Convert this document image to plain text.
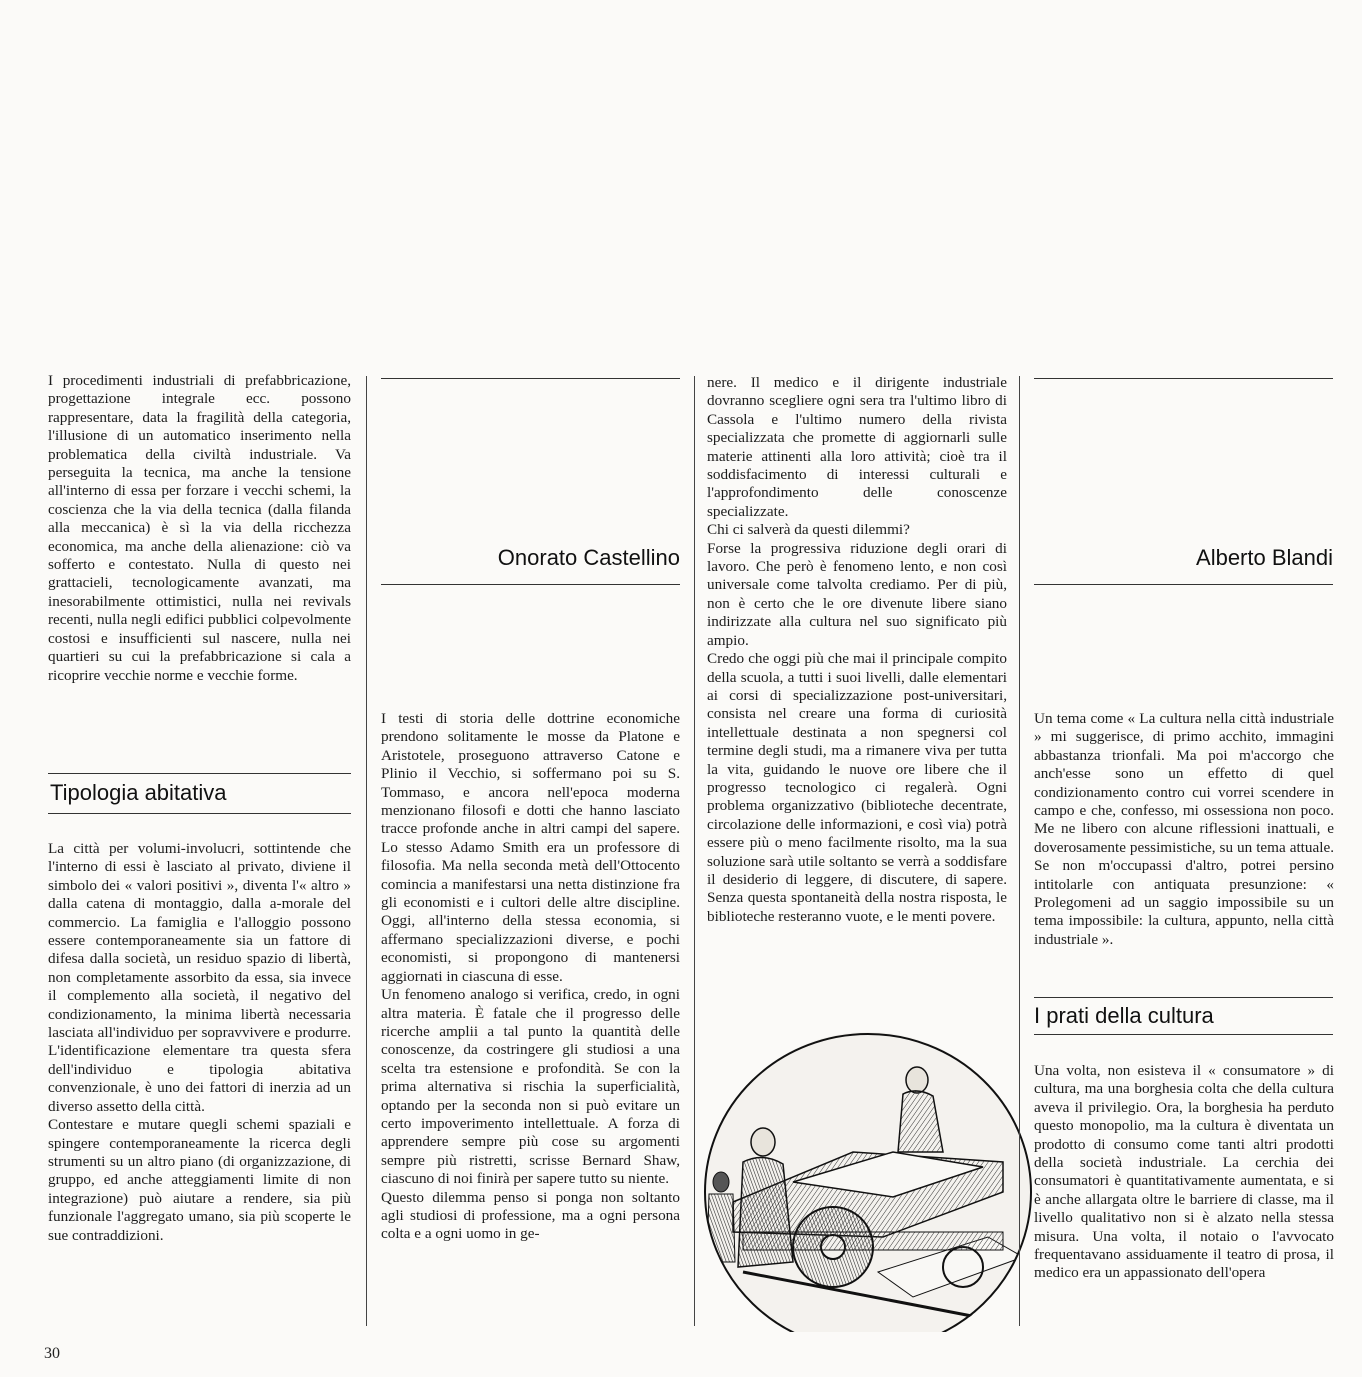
I procedimenti industriali di prefabbricazione, progettazione integrale ecc. possono rappresentare, data la fragilità della categoria, l'illusione di un automatico inserimento nella problematica della civiltà industriale. Va perseguita la tecnica, ma anche la tensione all'interno di essa per forzare i vecchi schemi, la coscienza che la via della tecnica (dalla filanda alla meccanica) è sì la via della ricchezza economica, ma anche della alienazione: ciò va sofferto e contestato. Nulla di questo nei grattacieli, tecnologicamente avanzati, ma inesorabilmente ottimistici, nulla nei revivals recenti, nulla negli edifici pubblici colpevolmente costosi e insufficienti sul nascere, nulla nei quartieri su cui la prefabbricazione si cala a ricoprire vecchie norme e vecchie forme.

Tipologia abitativa

La città per volumi-involucri, sottintende che l'interno di essi è lasciato al privato, diviene il simbolo dei « valori positivi », diventa l'« altro » dalla catena di montaggio, dalla a-morale del commercio. La famiglia e l'alloggio possono essere contemporaneamente sia un fattore di difesa dalla società, un residuo spazio di libertà, non completamente assorbito da essa, sia invece il complemento alla società, il negativo del condizionamento, la minima libertà necessaria lasciata all'individuo per sopravvivere e produrre. L'identificazione elementare tra questa sfera dell'individuo e tipologia abitativa convenzionale, è uno dei fattori di inerzia ad un diverso assetto della città.

Contestare e mutare quegli schemi spaziali e spingere contemporaneamente la ricerca degli strumenti su un altro piano (di organizzazione, di gruppo, ed anche atteggiamenti limite di non integrazione) può aiutare a rendere, sia più funzionale l'aggregato umano, sia più scoperte le sue contraddizioni.

Onorato Castellino

I testi di storia delle dottrine economiche prendono solitamente le mosse da Platone e Aristotele, proseguono attraverso Catone e Plinio il Vecchio, si soffermano poi su S. Tommaso, e ancora nell'epoca moderna menzionano filosofi e dotti che hanno lasciato tracce profonde anche in altri campi del sapere. Lo stesso Adamo Smith era un professore di filosofia. Ma nella seconda metà dell'Ottocento comincia a manifestarsi una netta distinzione fra gli economisti e i cultori delle altre discipline. Oggi, all'interno della stessa economia, si affermano specializzazioni diverse, e pochi economisti, si propongono di mantenersi aggiornati in ciascuna di esse.

Un fenomeno analogo si verifica, credo, in ogni altra materia. È fatale che il progresso delle ricerche amplii a tal punto la quantità delle conoscenze, da costringere gli studiosi a una scelta tra estensione e profondità. Se con la prima alternativa si rischia la superficialità, optando per la seconda non si può evitare un certo impoverimento intellettuale. A forza di apprendere sempre più cose su argomenti sempre più ristretti, scrisse Bernard Shaw, ciascuno di noi finirà per sapere tutto su niente.

Questo dilemma penso si ponga non soltanto agli studiosi di professione, ma a ogni persona colta e a ogni uomo in ge-

nere. Il medico e il dirigente industriale dovranno scegliere ogni sera tra l'ultimo libro di Cassola e l'ultimo numero della rivista specializzata che promette di aggiornarli sulle materie attinenti alla loro attività; cioè tra il soddisfacimento di interessi culturali e l'approfondimento delle conoscenze specializzate.

Chi ci salverà da questi dilemmi?

Forse la progressiva riduzione degli orari di lavoro. Che però è fenomeno lento, e non così universale come talvolta crediamo. Per di più, non è certo che le ore divenute libere siano indirizzate alla cultura nel suo significato più ampio.

Credo che oggi più che mai il principale compito della scuola, a tutti i suoi livelli, dalle elementari ai corsi di specializzazione post-universitari, consista nel creare una forma di curiosità intellettuale destinata a non spegnersi col termine degli studi, ma a rimanere viva per tutta la vita, guidando le nuove ore libere che il progresso tecnologico ci regalerà. Ogni problema organizzativo (biblioteche decentrate, circolazione delle informazioni, e così via) potrà essere più o meno facilmente risolto, ma la sua soluzione sarà utile soltanto se verrà a soddisfare il desiderio di leggere, di discutere, di sapere. Senza questa spontaneità della nostra risposta, le biblioteche resteranno vuote, e le menti povere.

Alberto Blandi

Un tema come « La cultura nella città industriale » mi suggerisce, di primo acchito, immagini abbastanza trionfali. Ma poi m'accorgo che anch'esse sono un effetto di quel condizionamento contro cui vorrei scendere in campo e che, confesso, mi ossessiona non poco. Me ne libero con alcune riflessioni inattuali, e doverosamente pessimistiche, su un tema attuale. Se non m'occupassi d'altro, potrei persino intitolarle con antiquata presunzione: « Prolegomeni ad un saggio impossibile su un tema impossibile: la cultura, appunto, nella città industriale ».

I prati della cultura

Una volta, non esisteva il « consumatore » di cultura, ma una borghesia colta che della cultura aveva il privilegio. Ora, la borghesia ha perduto questo monopolio, ma la cultura è diventata un prodotto di consumo come tanti altri prodotti della società industriale. La cerchia dei consumatori è quantitativamente aumentata, e si è anche allargata oltre le barriere di classe, ma il livello qualitativo non si è alzato nella stessa misura. Una volta, il notaio o l'avvocato frequentavano assiduamente il teatro di prosa, il medico era un appassionato dell'opera

30
